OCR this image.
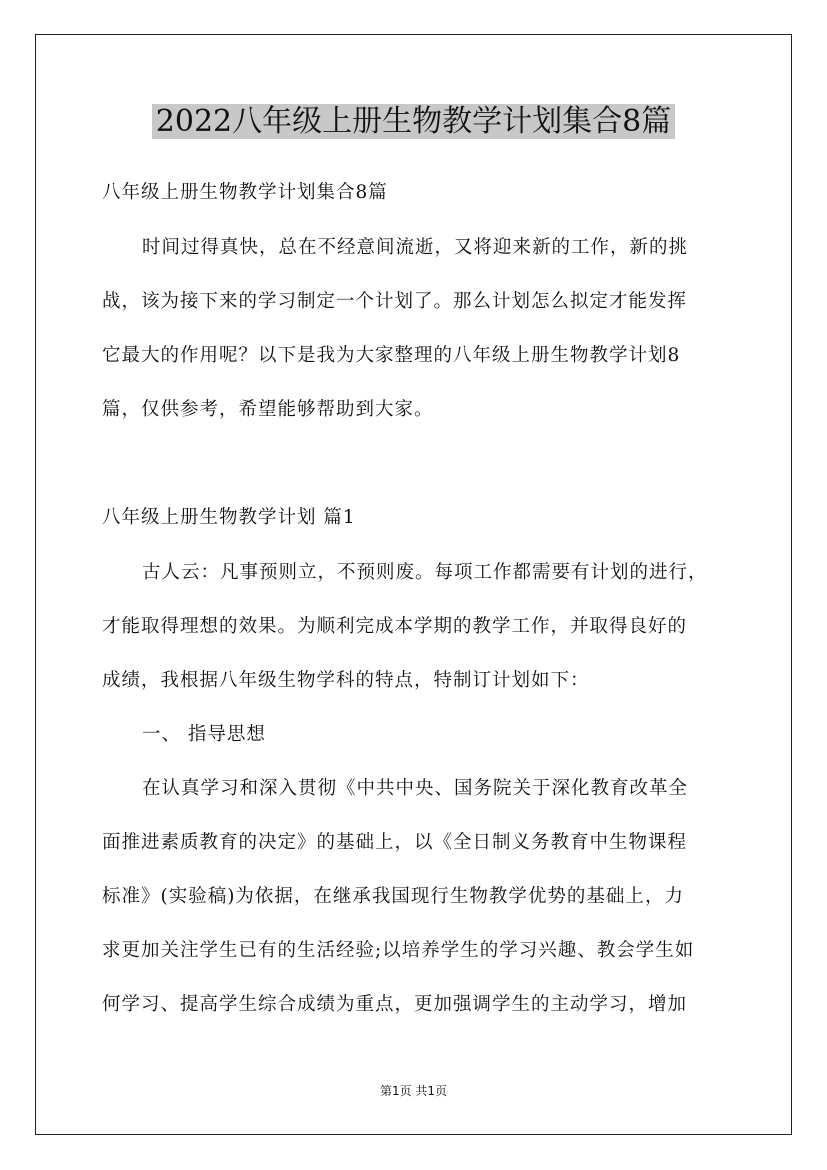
2022八年级上册生物教学计划集合8篇
八年级上册生物教学计划集合8篇
时间过得真快，总在不经意间流逝，又将迎来新的工作，新的挑
战，该为接下来的学习制定一个计划了。那么计划怎么拟定才能发挥
它最大的作用呢？以下是我为大家整理的八年级上册生物教学计划8
篇，仅供参考，希望能够帮助到大家。
八年级上册生物教学计划 篇1
古人云：凡事预则立，不预则废。每项工作都需要有计划的进行，
才能取得理想的效果。为顺利完成本学期的教学工作，并取得良好的
成绩，我根据八年级生物学科的特点，特制订计划如下：
一、 指导思想
在认真学习和深入贯彻《中共中央、国务院关于深化教育改革全
面推进素质教育的决定》的基础上，以《全日制义务教育中生物课程
标准》(实验稿)为依据，在继承我国现行生物教学优势的基础上，力
求更加关注学生已有的生活经验;以培养学生的学习兴趣、教会学生如
何学习、提高学生综合成绩为重点，更加强调学生的主动学习，增加
第1页 共1页
